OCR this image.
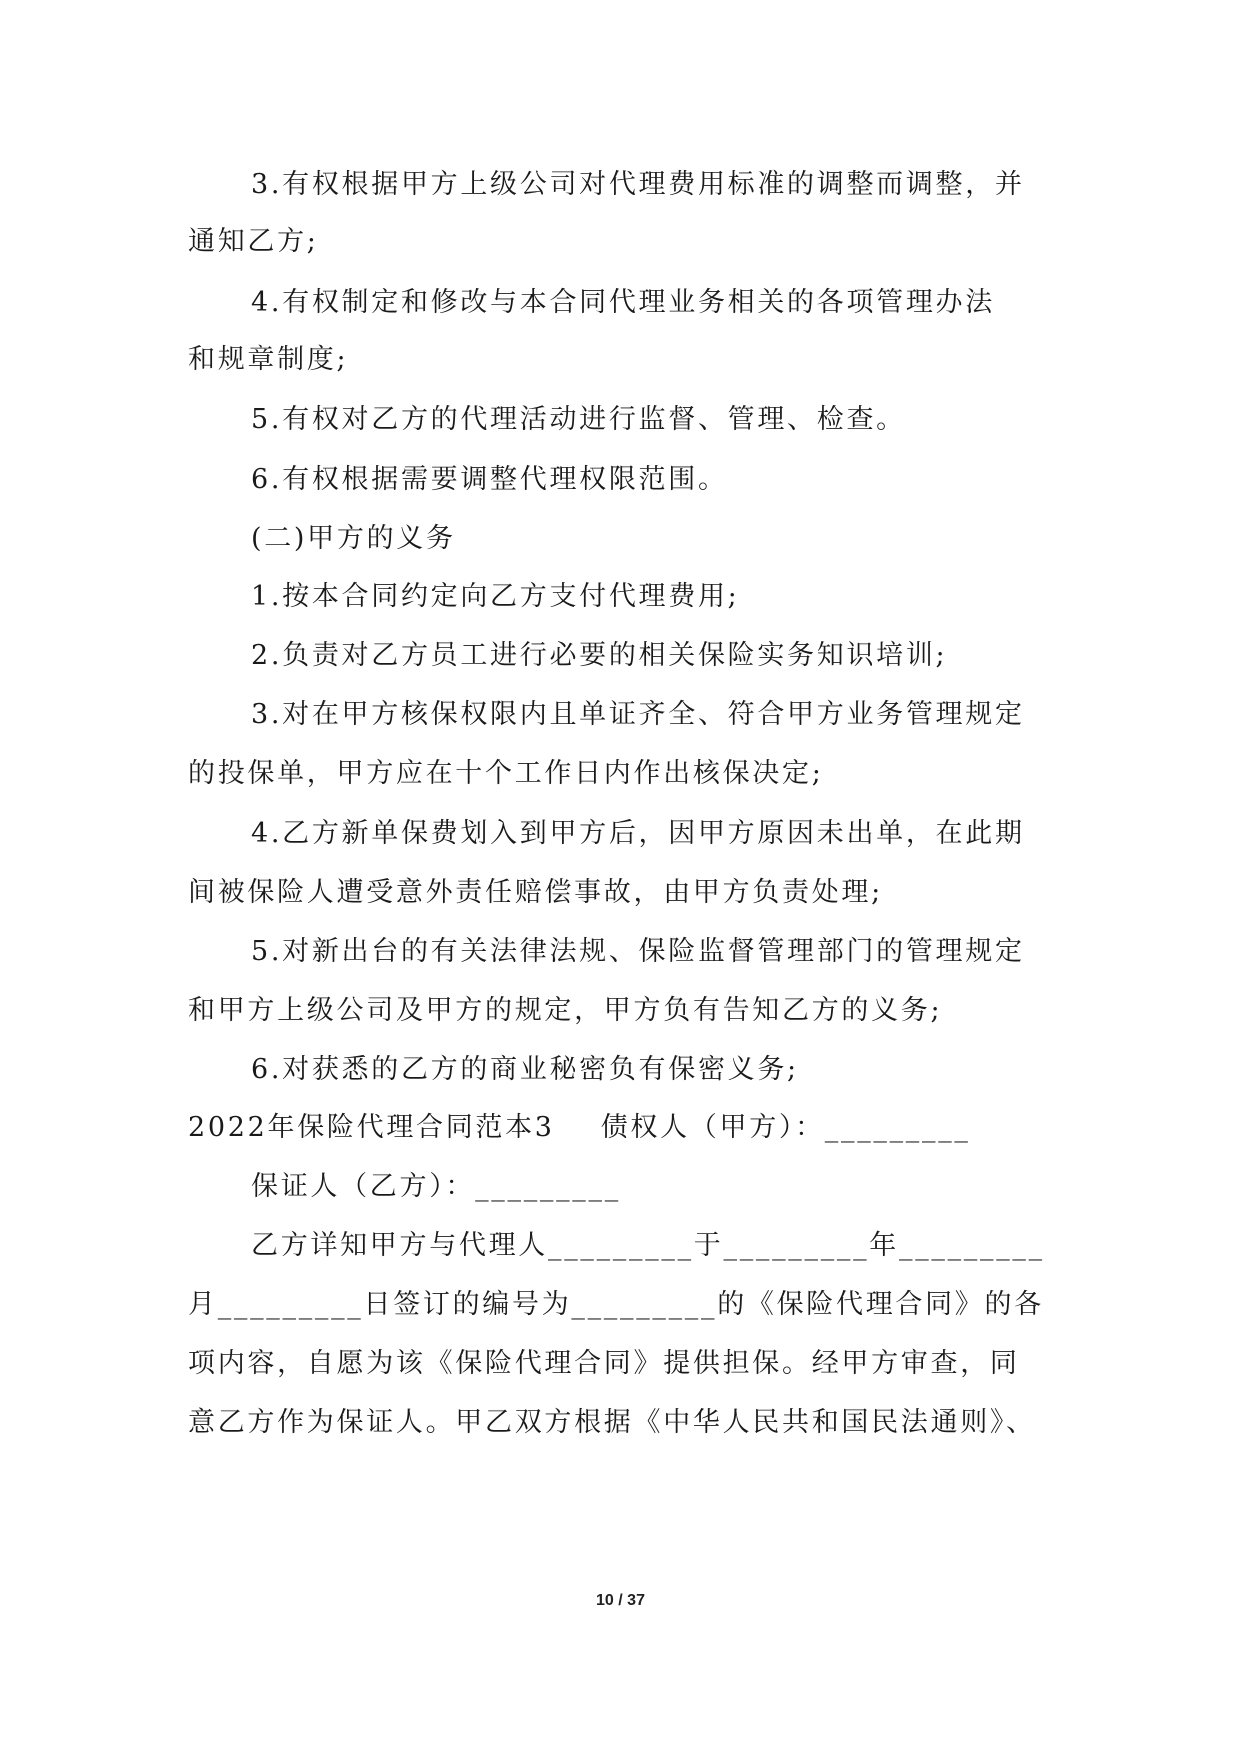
3.有权根据甲方上级公司对代理费用标准的调整而调整，并
通知乙方;
4.有权制定和修改与本合同代理业务相关的各项管理办法
和规章制度;
5.有权对乙方的代理活动进行监督、管理、检查。
6.有权根据需要调整代理权限范围。
(二)甲方的义务
1.按本合同约定向乙方支付代理费用;
2.负责对乙方员工进行必要的相关保险实务知识培训;
3.对在甲方核保权限内且单证齐全、符合甲方业务管理规定
的投保单，甲方应在十个工作日内作出核保决定;
4.乙方新单保费划入到甲方后，因甲方原因未出单，在此期
间被保险人遭受意外责任赔偿事故，由甲方负责处理;
5.对新出台的有关法律法规、保险监督管理部门的管理规定
和甲方上级公司及甲方的规定，甲方负有告知乙方的义务;
6.对获悉的乙方的商业秘密负有保密义务;
2022年保险代理合同范本3 债权人（甲方）：_________
保证人（乙方）：_________
乙方详知甲方与代理人_________于_________年_________
月_________日签订的编号为_________的《保险代理合同》的各
项内容，自愿为该《保险代理合同》提供担保。经甲方审查，同
意乙方作为保证人。甲乙双方根据《中华人民共和国民法通则》、
10 / 37
